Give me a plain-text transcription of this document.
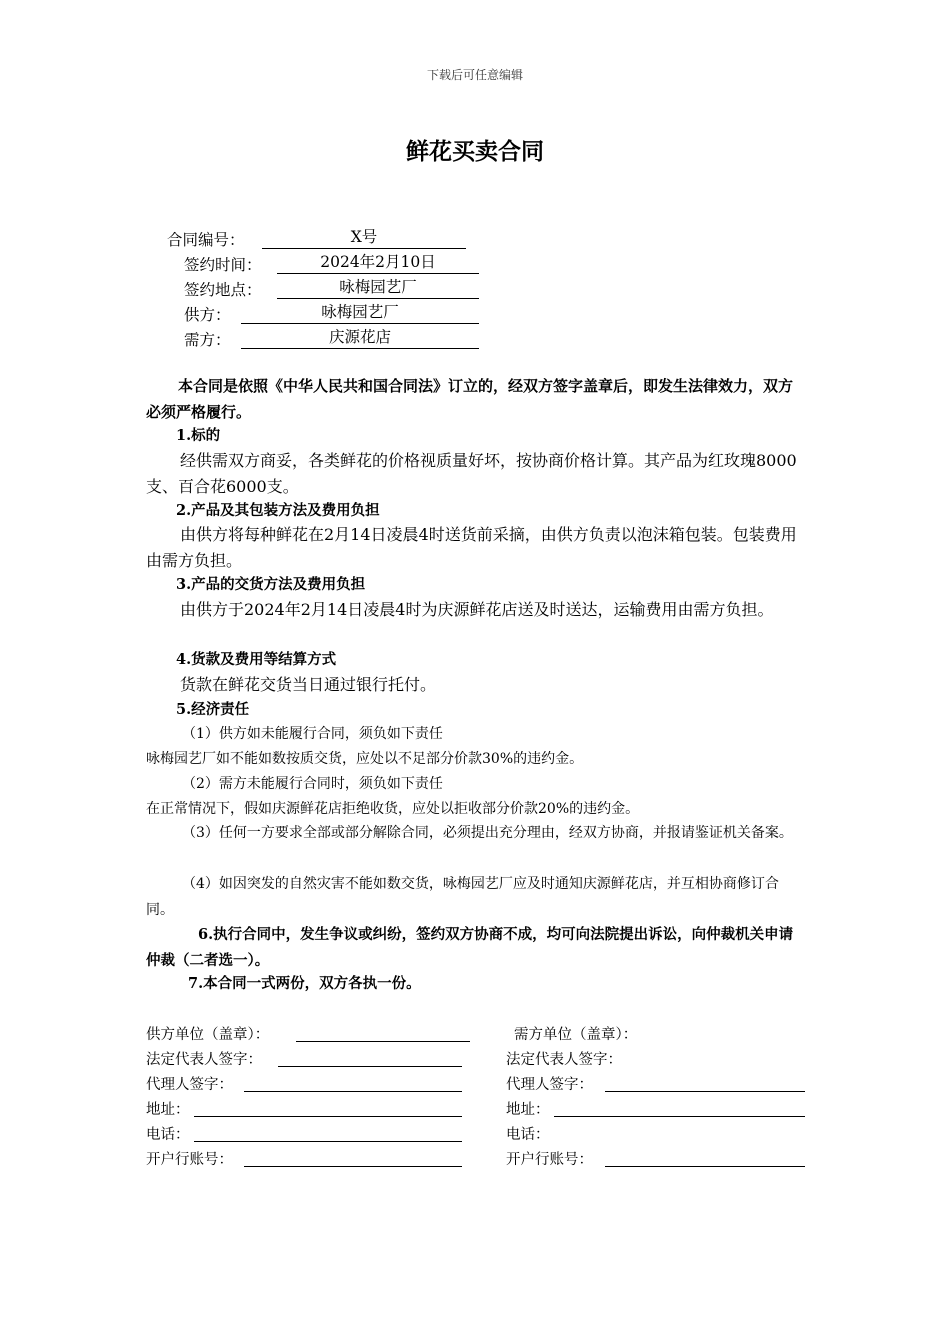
下载后可任意编辑
鲜花买卖合同
合同编号：	X号
签约时间：	2024年2月10日
签约地点：	咏梅园艺厂
供方：	咏梅园艺厂
需方：	庆源花店
本合同是依照《中华人民共和国合同法》订立的，经双方签字盖章后，即发生法律效力，双方必须严格履行。
1.标的
经供需双方商妥，各类鲜花的价格视质量好坏，按协商价格计算。其产品为红玫瑰8000支、百合花6000支。
2.产品及其包装方法及费用负担
由供方将每种鲜花在2月14日凌晨4时送货前采摘，由供方负责以泡沫箱包装。包装费用由需方负担。
3.产品的交货方法及费用负担
由供方于2024年2月14日凌晨4时为庆源鲜花店送及时送达，运输费用由需方负担。
4.货款及费用等结算方式
货款在鲜花交货当日通过银行托付。
5.经济责任
（1）供方如未能履行合同，须负如下责任
咏梅园艺厂如不能如数按质交货，应处以不足部分价款30%的违约金。
（2）需方未能履行合同时，须负如下责任
在正常情况下，假如庆源鲜花店拒绝收货，应处以拒收部分价款20%的违约金。
（3）任何一方要求全部或部分解除合同，必须提出充分理由，经双方协商，并报请鉴证机关备案。
（4）如因突发的自然灾害不能如数交货，咏梅园艺厂应及时通知庆源鲜花店，并互相协商修订合同。
6.执行合同中，发生争议或纠纷，签约双方协商不成，均可向法院提出诉讼，向仲裁机关申请仲裁（二者选一）。
7.本合同一式两份，双方各执一份。
供方单位（盖章）：
法定代表人签字：
代理人签字：
地址：
电话：
开户行账号：
需方单位（盖章）：
法定代表人签字：
代理人签字：
地址：
电话：
开户行账号：
